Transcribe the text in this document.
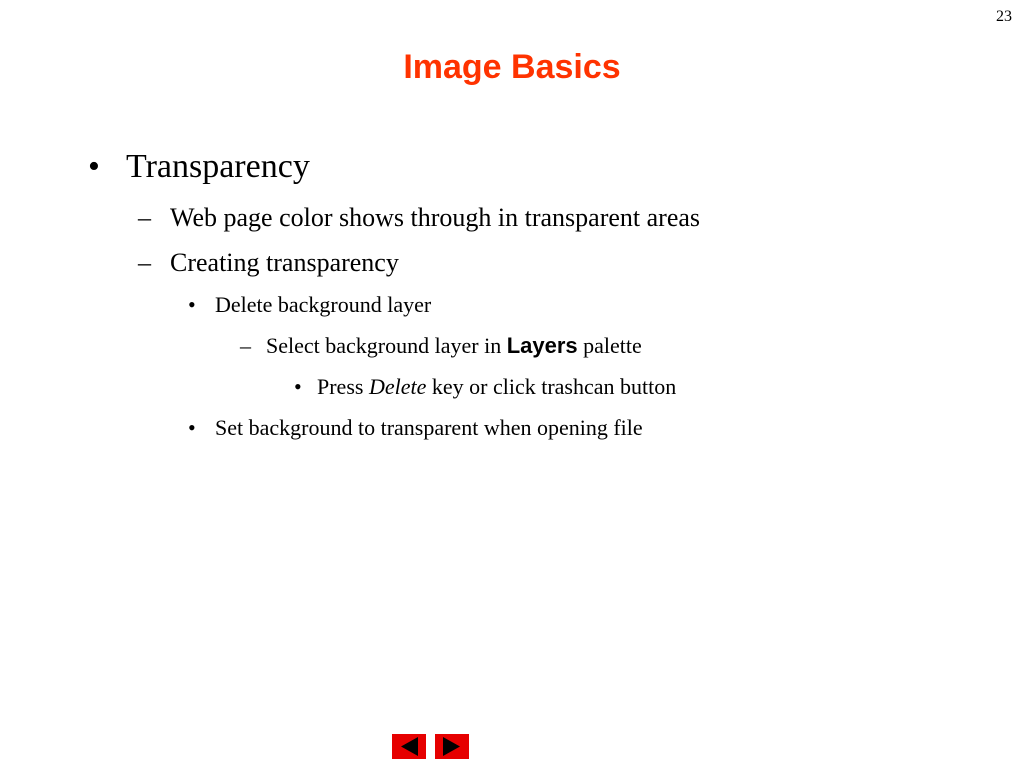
23
Image Basics
• Transparency
– Web page color shows through in transparent areas
– Creating transparency
• Delete background layer
– Select background layer in Layers palette
• Press Delete key or click trashcan button
• Set background to transparent when opening file
